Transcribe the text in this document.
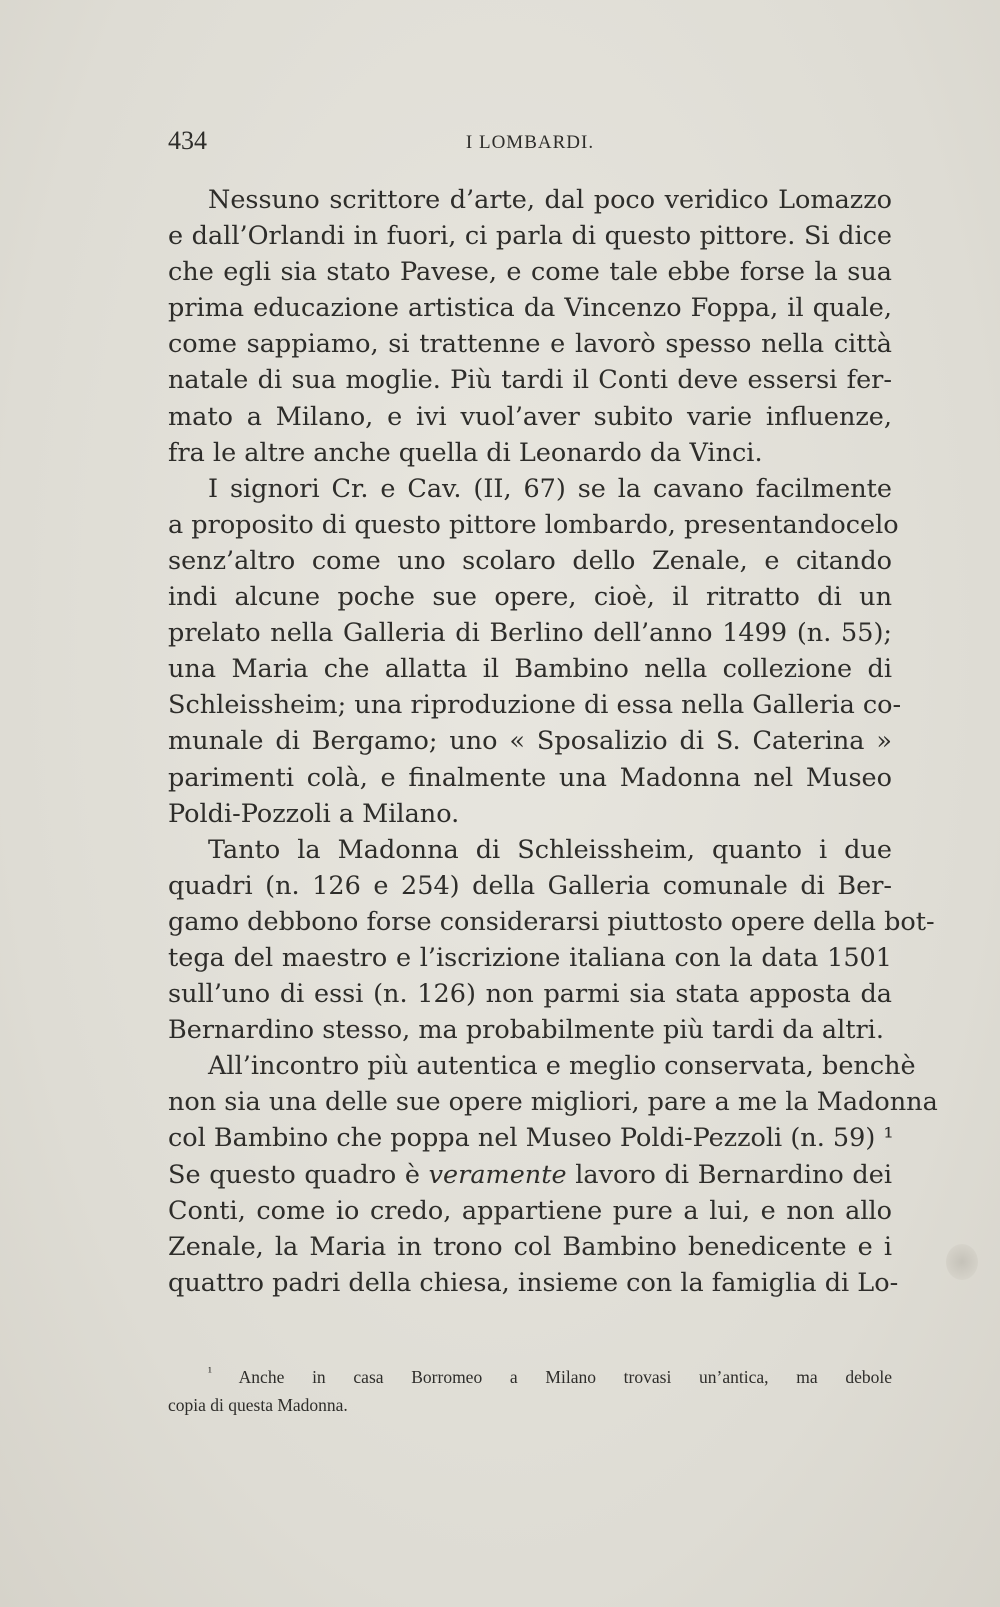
434	I LOMBARDI.
Nessuno scrittore d’arte, dal poco veridico Lomazzo
e dall’Orlandi in fuori, ci parla di questo pittore. Si dice
che egli sia stato Pavese, e come tale ebbe forse la sua
prima educazione artistica da Vincenzo Foppa, il quale,
come sappiamo, si trattenne e lavorò spesso nella città
natale di sua moglie. Più tardi il Conti deve essersi fer-
mato a Milano, e ivi vuol’aver subito varie influenze,
fra le altre anche quella di Leonardo da Vinci.
I signori Cr. e Cav. (II, 67) se la cavano facilmente
a proposito di questo pittore lombardo, presentandocelo
senz’altro come uno scolaro dello Zenale, e citando
indi alcune poche sue opere, cioè, il ritratto di un
prelato nella Galleria di Berlino dell’anno 1499 (n. 55);
una Maria che allatta il Bambino nella collezione di
Schleissheim; una riproduzione di essa nella Galleria co-
munale di Bergamo; uno « Sposalizio di S. Caterina »
parimenti colà, e finalmente una Madonna nel Museo
Poldi-Pozzoli a Milano.
Tanto la Madonna di Schleissheim, quanto i due
quadri (n. 126 e 254) della Galleria comunale di Ber-
gamo debbono forse considerarsi piuttosto opere della bot-
tega del maestro e l’iscrizione italiana con la data 1501
sull’uno di essi (n. 126) non parmi sia stata apposta da
Bernardino stesso, ma probabilmente più tardi da altri.
All’incontro più autentica e meglio conservata, benchè
non sia una delle sue opere migliori, pare a me la Madonna
col Bambino che poppa nel Museo Poldi-Pezzoli (n. 59) ¹
Se questo quadro è veramente lavoro di Bernardino dei
Conti, come io credo, appartiene pure a lui, e non allo
Zenale, la Maria in trono col Bambino benedicente e i
quattro padri della chiesa, insieme con la famiglia di Lo-
$^{^1}$ Anche in casa Borromeo a Milano trovasi un’antica, ma debole
copia di questa Madonna.
